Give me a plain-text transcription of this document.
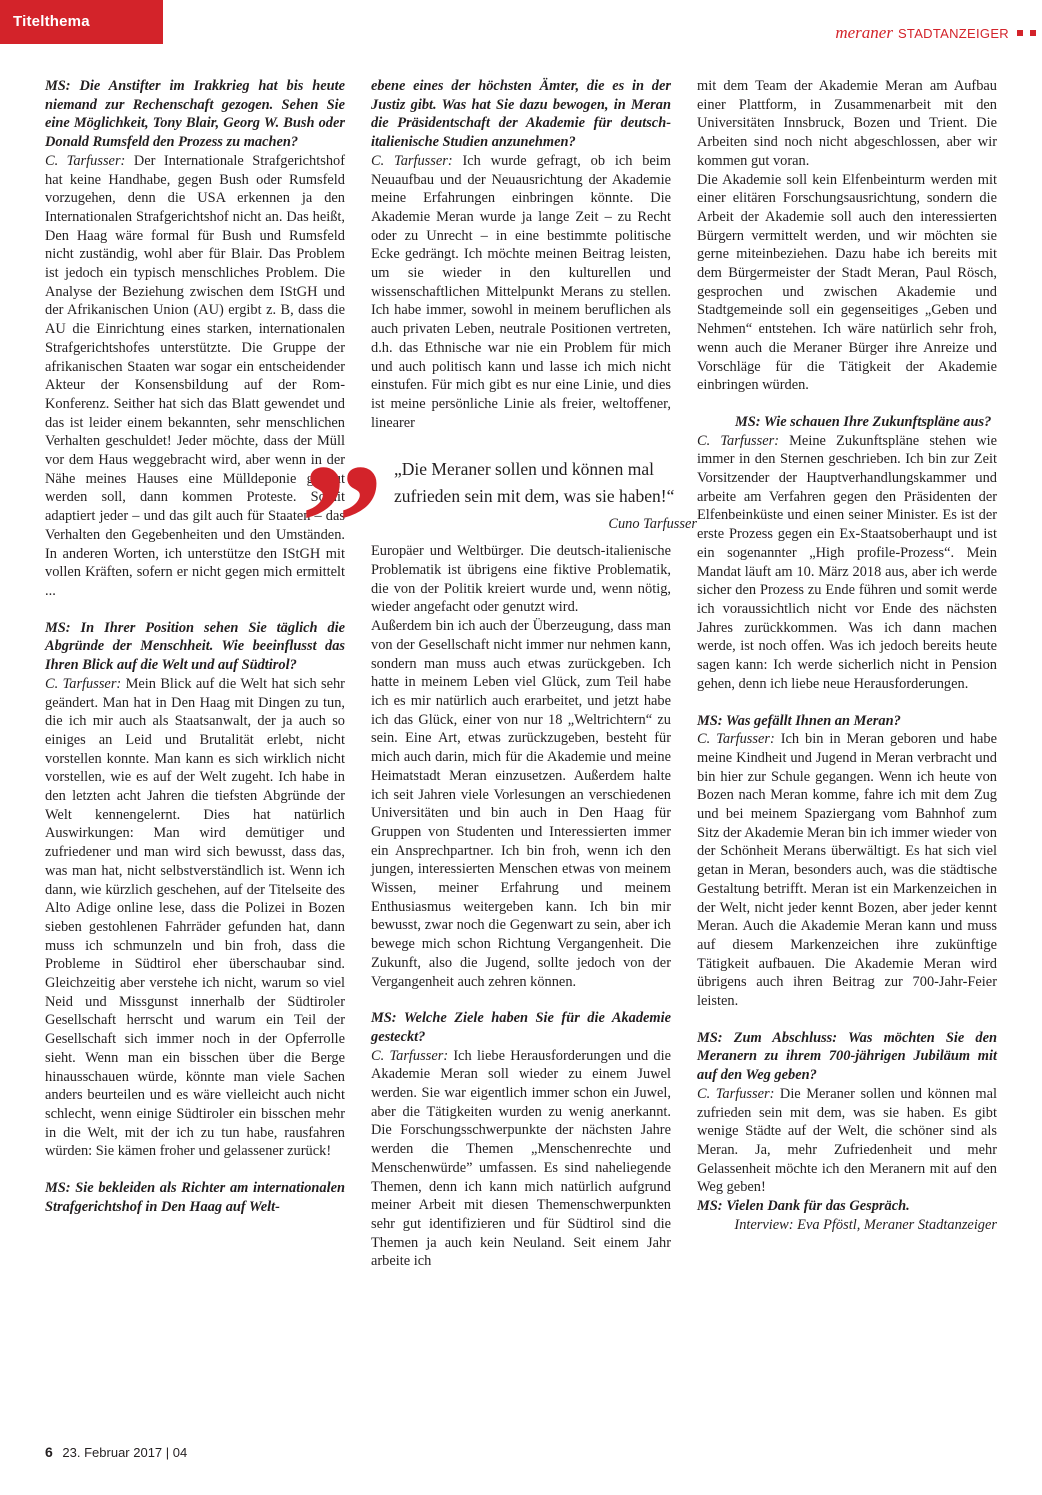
Titelthema
meraner STADTANZEIGER

MS: Die Anstifter im Irakkrieg hat bis heute niemand zur Rechenschaft gezogen. Sehen Sie eine Möglichkeit, Tony Blair, Georg W. Bush oder Donald Rumsfeld den Prozess zu machen?

C. Tarfusser: Der Internationale Strafgerichtshof hat keine Handhabe, gegen Bush oder Rumsfeld vorzugehen, denn die USA erkennen ja den Internationalen Strafgerichtshof nicht an. Das heißt, Den Haag wäre formal für Bush und Rumsfeld nicht zuständig, wohl aber für Blair. Das Problem ist jedoch ein typisch menschliches Problem. Die Analyse der Beziehung zwischen dem IStGH und der Afrikanischen Union (AU) ergibt z. B, dass die AU die Einrichtung eines starken, internationalen Strafgerichtshofes unterstützte. Die Gruppe der afrikanischen Staaten war sogar ein entscheidender Akteur der Konsensbildung auf der Rom-Konferenz. Seither hat sich das Blatt gewendet und das ist leider einem bekannten, sehr menschlichen Verhalten geschuldet! Jeder möchte, dass der Müll vor dem Haus weggebracht wird, aber wenn in der Nähe meines Hauses eine Mülldeponie gebaut werden soll, dann kommen Proteste. Somit adaptiert jeder – und das gilt auch für Staaten – das Verhalten den Gegebenheiten und den Umständen. In anderen Worten, ich unterstütze den IStGH mit vollen Kräften, sofern er nicht gegen mich ermittelt ...

MS: In Ihrer Position sehen Sie täglich die Abgründe der Menschheit. Wie beeinflusst das Ihren Blick auf die Welt und auf Südtirol?

C. Tarfusser: Mein Blick auf die Welt hat sich sehr geändert. Man hat in Den Haag mit Dingen zu tun, die ich mir auch als Staatsanwalt, der ja auch so einiges an Leid und Brutalität erlebt, nicht vorstellen konnte. Man kann es sich wirklich nicht vorstellen, wie es auf der Welt zugeht. Ich habe in den letzten acht Jahren die tiefsten Abgründe der Welt kennengelernt. Dies hat natürlich Auswirkungen: Man wird demütiger und zufriedener und man wird sich bewusst, dass das, was man hat, nicht selbstverständlich ist. Wenn ich dann, wie kürzlich geschehen, auf der Titelseite des Alto Adige online lese, dass die Polizei in Bozen sieben gestohlenen Fahrräder gefunden hat, dann muss ich schmunzeln und bin froh, dass die Probleme in Südtirol eher überschaubar sind. Gleichzeitig aber verstehe ich nicht, warum so viel Neid und Missgunst innerhalb der Südtiroler Gesellschaft herrscht und warum ein Teil der Gesellschaft sich immer noch in der Opferrolle sieht. Wenn man ein bisschen über die Berge hinausschauen würde, könnte man viele Sachen anders beurteilen und es wäre vielleicht auch nicht schlecht, wenn einige Südtiroler ein bisschen mehr in die Welt, mit der ich zu tun habe, rausfahren würden: Sie kämen froher und gelassener zurück!

MS: Sie bekleiden als Richter am internationalen Strafgerichtshof in Den Haag auf Welt-

ebene eines der höchsten Ämter, die es in der Justiz gibt. Was hat Sie dazu bewogen, in Meran die Präsidentschaft der Akademie für deutsch-italienische Studien anzunehmen?

C. Tarfusser: Ich wurde gefragt, ob ich beim Neuaufbau und der Neuausrichtung der Akademie meine Erfahrungen einbringen könnte. Die Akademie Meran wurde ja lange Zeit – zu Recht oder zu Unrecht – in eine bestimmte politische Ecke gedrängt. Ich möchte meinen Beitrag leisten, um sie wieder in den kulturellen und wissenschaftlichen Mittelpunkt Merans zu stellen. Ich habe immer, sowohl in meinem beruflichen als auch privaten Leben, neutrale Positionen vertreten, d.h. das Ethnische war nie ein Problem für mich und auch politisch kann und lasse ich mich nicht einstufen. Für mich gibt es nur eine Linie, und dies ist meine persönliche Linie als freier, weltoffener, linearer

Europäer und Weltbürger. Die deutsch-italienische Problematik ist übrigens eine fiktive Problematik, die von der Politik kreiert wurde und, wenn nötig, wieder angefacht oder genutzt wird.

Außerdem bin ich auch der Überzeugung, dass man von der Gesellschaft nicht immer nur nehmen kann, sondern man muss auch etwas zurückgeben. Ich hatte in meinem Leben viel Glück, zum Teil habe ich es mir natürlich auch erarbeitet, und jetzt habe ich das Glück, einer von nur 18 „Weltrichtern“ zu sein. Eine Art, etwas zurückzugeben, besteht für mich auch darin, mich für die Akademie und meine Heimatstadt Meran einzusetzen. Außerdem halte ich seit Jahren viele Vorlesungen an verschiedenen Universitäten und bin auch in Den Haag für Gruppen von Studenten und Interessierten immer ein Ansprechpartner. Ich bin froh, wenn ich den jungen, interessierten Menschen etwas von meinem Wissen, meiner Erfahrung und meinem Enthusiasmus weitergeben kann. Ich bin mir bewusst, zwar noch die Gegenwart zu sein, aber ich bewege mich schon Richtung Vergangenheit. Die Zukunft, also die Jugend, sollte jedoch von der Vergangenheit auch zehren können.

MS: Welche Ziele haben Sie für die Akademie gesteckt?

C. Tarfusser: Ich liebe Herausforderungen und die Akademie Meran soll wieder zu einem Juwel werden. Sie war eigentlich immer schon ein Juwel, aber die Tätigkeiten wurden zu wenig anerkannt. Die Forschungsschwerpunkte der nächsten Jahre werden die Themen „Menschenrechte und Menschenwürde” umfassen. Es sind naheliegende Themen, denn ich kann mich natürlich aufgrund meiner Arbeit mit diesen Themenschwerpunkten sehr gut identifizieren und für Südtirol sind die Themen ja auch kein Neuland. Seit einem Jahr arbeite ich

mit dem Team der Akademie Meran am Aufbau einer Plattform, in Zusammenarbeit mit den Universitäten Innsbruck, Bozen und Trient. Die Arbeiten sind noch nicht abgeschlossen, aber wir kommen gut voran.

Die Akademie soll kein Elfenbeinturm werden mit einer elitären Forschungsausrichtung, sondern die Arbeit der Akademie soll auch den interessierten Bürgern vermittelt werden, und wir möchten sie gerne miteinbeziehen. Dazu habe ich bereits mit dem Bürgermeister der Stadt Meran, Paul Rösch, gesprochen und zwischen Akademie und Stadtgemeinde soll ein gegenseitiges „Geben und Nehmen“ entstehen. Ich wäre natürlich sehr froh, wenn auch die Meraner Bürger ihre Anreize und Vorschläge für die Tätigkeit der Akademie einbringen würden.

MS: Wie schauen Ihre Zukunftspläne aus?

C. Tarfusser: Meine Zukunftspläne stehen wie immer in den Sternen geschrieben. Ich bin zur Zeit Vorsitzender der Hauptverhandlungskammer und arbeite am Verfahren gegen den Präsidenten der Elfenbeinküste und einen seiner Minister. Es ist der erste Prozess gegen ein Ex-Staatsoberhaupt und ist ein sogenannter „High profile-Prozess“. Mein Mandat läuft am 10. März 2018 aus, aber ich werde sicher den Prozess zu Ende führen und somit werde ich voraussichtlich nicht vor Ende des nächsten Jahres zurückkommen. Was ich dann machen werde, ist noch offen. Was ich jedoch bereits heute sagen kann: Ich werde sicherlich nicht in Pension gehen, denn ich liebe neue Herausforderungen.

MS: Was gefällt Ihnen an Meran?

C. Tarfusser: Ich bin in Meran geboren und habe meine Kindheit und Jugend in Meran verbracht und bin hier zur Schule gegangen. Wenn ich heute von Bozen nach Meran komme, fahre ich mit dem Zug und bei meinem Spaziergang vom Bahnhof zum Sitz der Akademie Meran bin ich immer wieder von der Schönheit Merans überwältigt. Es hat sich viel getan in Meran, besonders auch, was die städtische Gestaltung betrifft. Meran ist ein Markenzeichen in der Welt, nicht jeder kennt Bozen, aber jeder kennt Meran. Auch die Akademie Meran kann und muss auf diesem Markenzeichen ihre zukünftige Tätigkeit aufbauen. Die Akademie Meran wird übrigens auch ihren Beitrag zur 700-Jahr-Feier leisten.

MS: Zum Abschluss: Was möchten Sie den Meranern zu ihrem 700-jährigen Jubiläum mit auf den Weg geben?

C. Tarfusser: Die Meraner sollen und können mal zufrieden sein mit dem, was sie haben. Es gibt wenige Städte auf der Welt, die schöner sind als Meran. Ja, mehr Zufriedenheit und mehr Gelassenheit möchte ich den Meranern mit auf den Weg geben!

MS: Vielen Dank für das Gespräch.

Interview: Eva Pföstl, Meraner Stadtanzeiger

” „Die Meraner sollen und können mal zufrieden sein mit dem, was sie haben!“
Cuno Tarfusser
6 23. Februar 2017 | 04
